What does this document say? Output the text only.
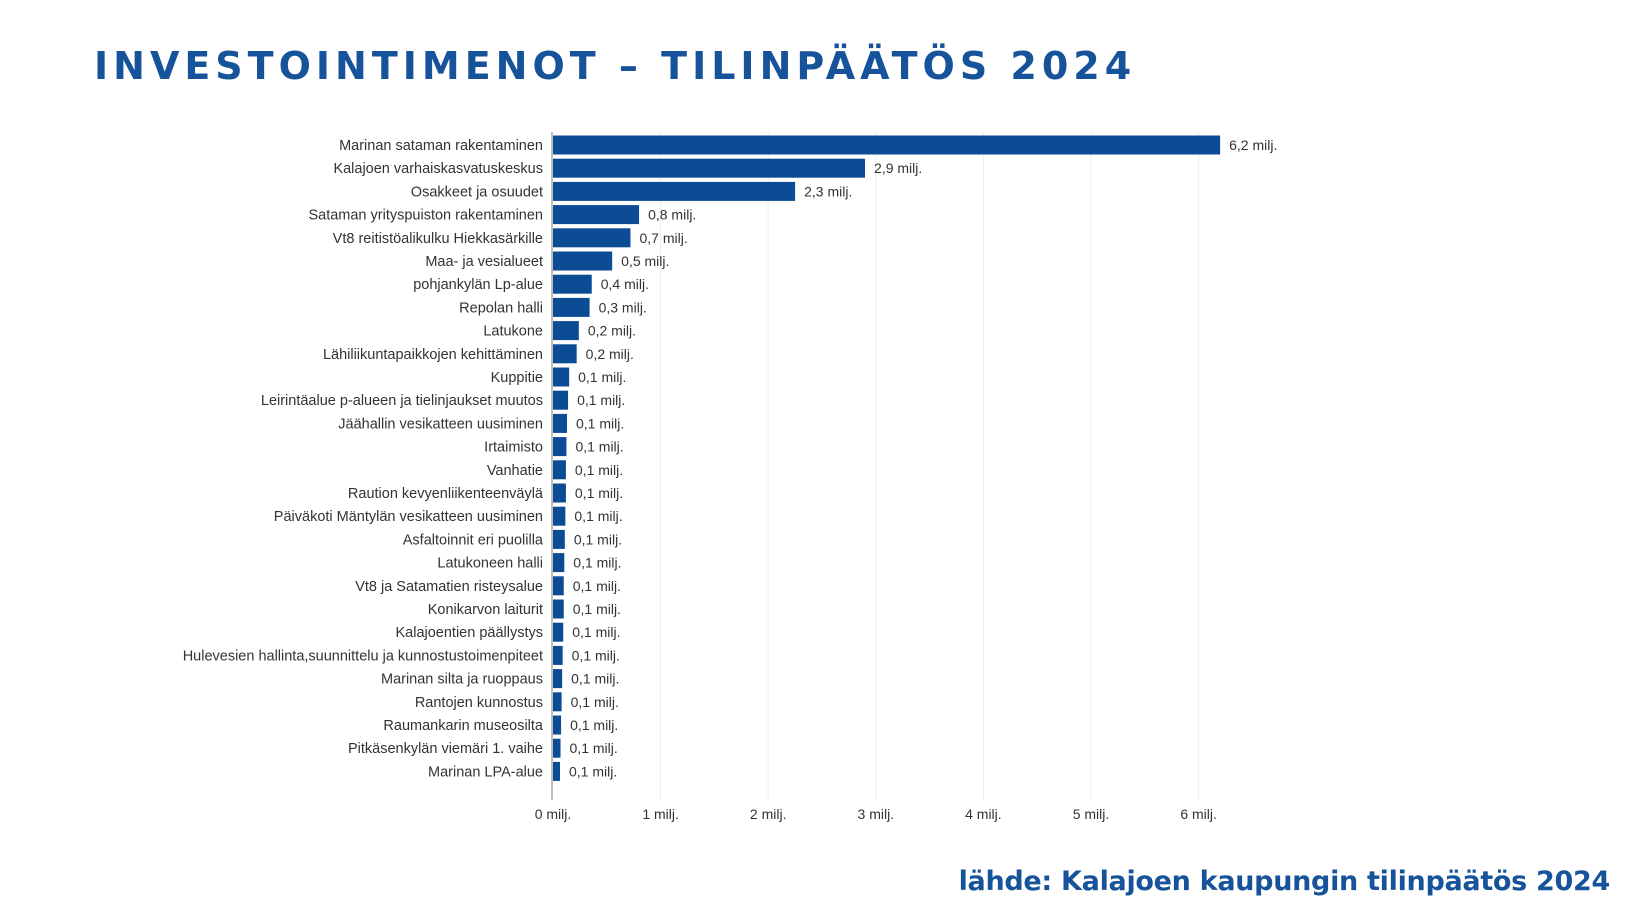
INVESTOINTIMENOT – TILINPÄÄTÖS 2024
Marinan sataman rakentaminen
Kalajoen varhaiskasvatuskeskus
Osakkeet ja osuudet
Sataman yrityspuiston rakentaminen
Vt8 reitistöalikulku Hiekkasärkille
Maa- ja vesialueet
pohjankylän Lp-alue
Repolan halli
Latukone
Lähiliikuntapaikkojen kehittäminen
Kuppitie
Leirintäalue p-alueen ja tielinjaukset muutos
Jäähallin vesikatteen uusiminen
Irtaimisto
Vanhatie
Raution kevyenliikenteenväylä
Päiväkoti Mäntylän vesikatteen uusiminen
Asfaltoinnit eri puolilla
Latukoneen halli
Vt8 ja Satamatien risteysalue
Konikarvon laiturit
Kalajoentien päällystys
Hulevesien hallinta,suunnittelu ja kunnostustoimenpiteet
Marinan silta ja ruoppaus
Rantojen kunnostus
Raumankarin museosilta
Pitkäsenkylän viemäri 1. vaihe
Marinan LPA-alue
6,2 milj.
2,9 milj.
2,3 milj.
0,8 milj.
0,7 milj.
0,5 milj.
0,4 milj.
0,3 milj.
0,2 milj.
0,2 milj.
0,1 milj.
0,1 milj.
0,1 milj.
0,1 milj.
0,1 milj.
0,1 milj.
0,1 milj.
0,1 milj.
0,1 milj.
0,1 milj.
0,1 milj.
0,1 milj.
0,1 milj.
0,1 milj.
0,1 milj.
0,1 milj.
0,1 milj.
0,1 milj.
0 milj.	1 milj.	2 milj.	3 milj.	4 milj.	5 milj.	6 milj.
lähde: Kalajoen kaupungin tilinpäätös 2024
